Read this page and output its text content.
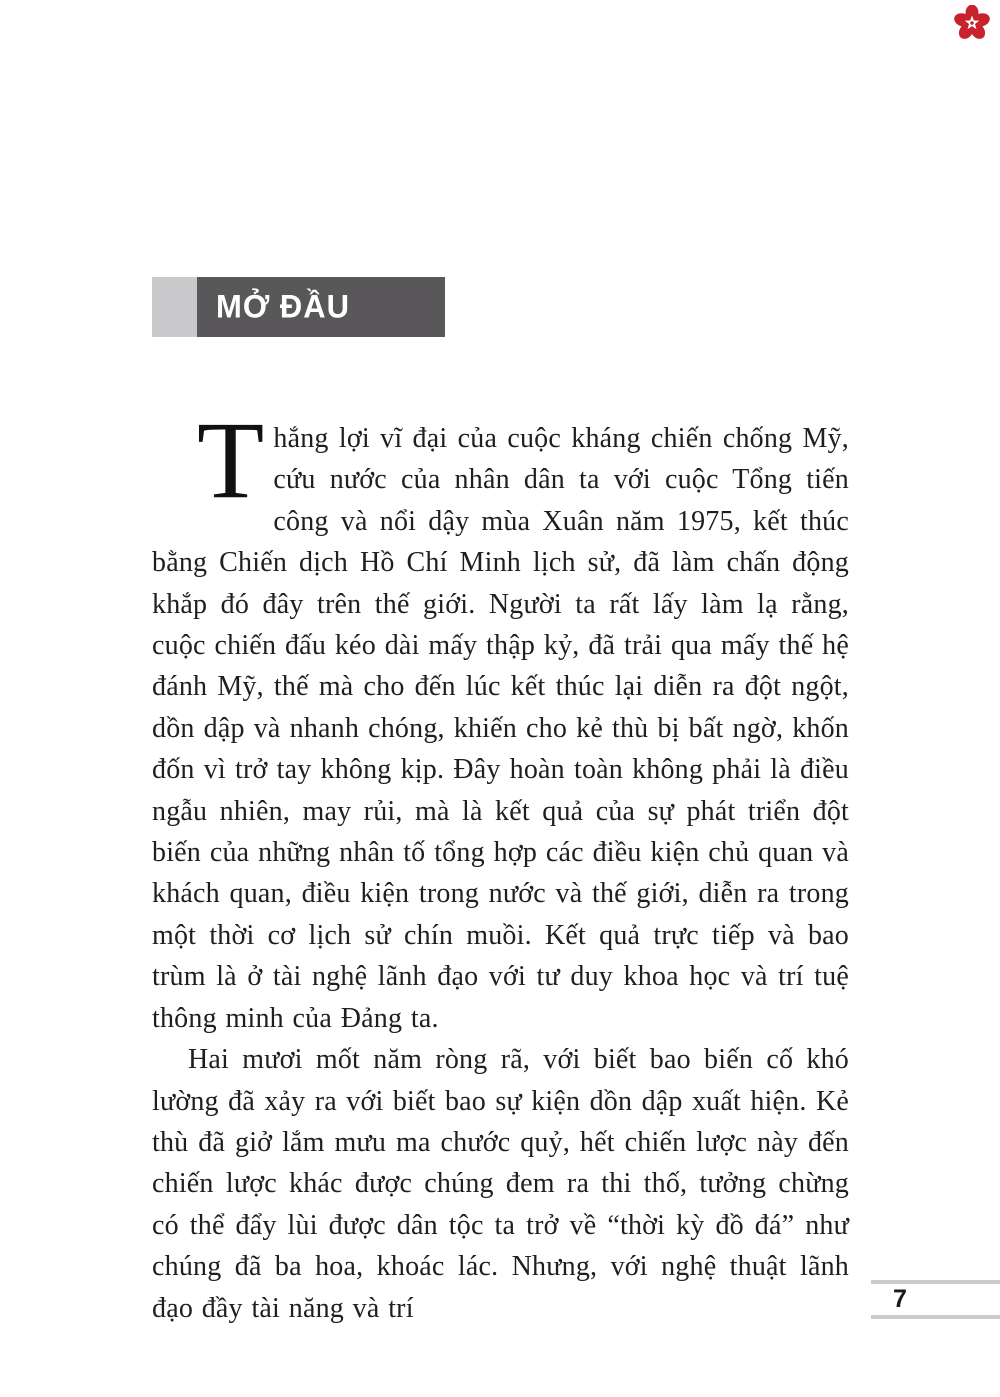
MỞ ĐẦU

Thắng lợi vĩ đại của cuộc kháng chiến chống Mỹ, cứu nước của nhân dân ta với cuộc Tổng tiến công và nổi dậy mùa Xuân năm 1975, kết thúc bằng Chiến dịch Hồ Chí Minh lịch sử, đã làm chấn động khắp đó đây trên thế giới. Người ta rất lấy làm lạ rằng, cuộc chiến đấu kéo dài mấy thập kỷ, đã trải qua mấy thế hệ đánh Mỹ, thế mà cho đến lúc kết thúc lại diễn ra đột ngột, dồn dập và nhanh chóng, khiến cho kẻ thù bị bất ngờ, khốn đốn vì trở tay không kịp. Đây hoàn toàn không phải là điều ngẫu nhiên, may rủi, mà là kết quả của sự phát triển đột biến của những nhân tố tổng hợp các điều kiện chủ quan và khách quan, điều kiện trong nước và thế giới, diễn ra trong một thời cơ lịch sử chín muồi. Kết quả trực tiếp và bao trùm là ở tài nghệ lãnh đạo với tư duy khoa học và trí tuệ thông minh của Đảng ta.

Hai mươi mốt năm ròng rã, với biết bao biến cố khó lường đã xảy ra với biết bao sự kiện dồn dập xuất hiện. Kẻ thù đã giở lắm mưu ma chước quỷ, hết chiến lược này đến chiến lược khác được chúng đem ra thi thố, tưởng chừng có thể đẩy lùi được dân tộc ta trở về “thời kỳ đồ đá” như chúng đã ba hoa, khoác lác. Nhưng, với nghệ thuật lãnh đạo đầy tài năng và trí	7
